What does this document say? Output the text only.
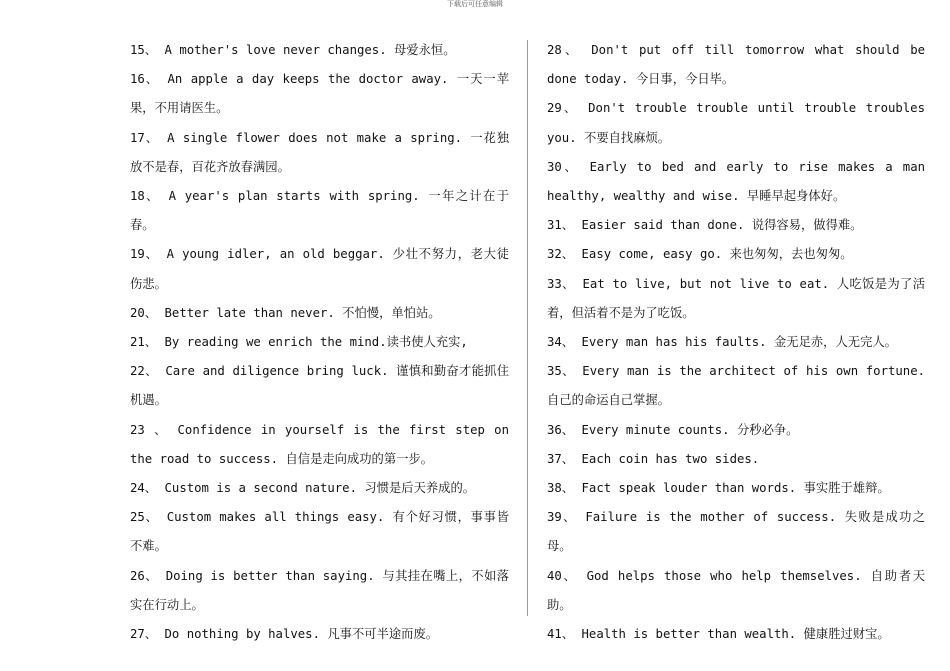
下载后可任意编辑

15、 A mother's love never changes. 母爱永恒。

16、 An apple a day keeps the doctor away. 一天一苹果，不用请医生。

17、 A single flower does not make a spring. 一花独放不是春，百花齐放春满园。

18、 A year's plan starts with spring. 一年之计在于春。

19、 A young idler, an old beggar. 少壮不努力，老大徒伤悲。

20、 Better late than never. 不怕慢，单怕站。

21、 By reading we enrich the mind.读书使人充实,

22、 Care and diligence bring luck. 谨慎和勤奋才能抓住机遇。

23 、 Confidence in yourself is the first step on the road to success. 自信是走向成功的第一步。

24、 Custom is a second nature. 习惯是后天养成的。

25、 Custom makes all things easy. 有个好习惯，事事皆不难。

26、 Doing is better than saying. 与其挂在嘴上，不如落实在行动上。

27、 Do nothing by halves. 凡事不可半途而废。

28、 Don't put off till tomorrow what should be done today. 今日事，今日毕。

29、 Don't trouble trouble until trouble troubles you. 不要自找麻烦。

30、 Early to bed and early to rise makes a man healthy, wealthy and wise. 早睡早起身体好。

31、 Easier said than done. 说得容易，做得难。

32、 Easy come, easy go. 来也匆匆，去也匆匆。

33、 Eat to live, but not live to eat. 人吃饭是为了活着，但活着不是为了吃饭。

34、 Every man has his faults. 金无足赤，人无完人。

35、 Every man is the architect of his own fortune. 自己的命运自己掌握。

36、 Every minute counts. 分秒必争。

37、 Each coin has two sides.

38、 Fact speak louder than words. 事实胜于雄辩。

39、 Failure is the mother of success. 失败是成功之母。

40、 God helps those who help themselves. 自助者天助。

41、 Health is better than wealth. 健康胜过财宝。
